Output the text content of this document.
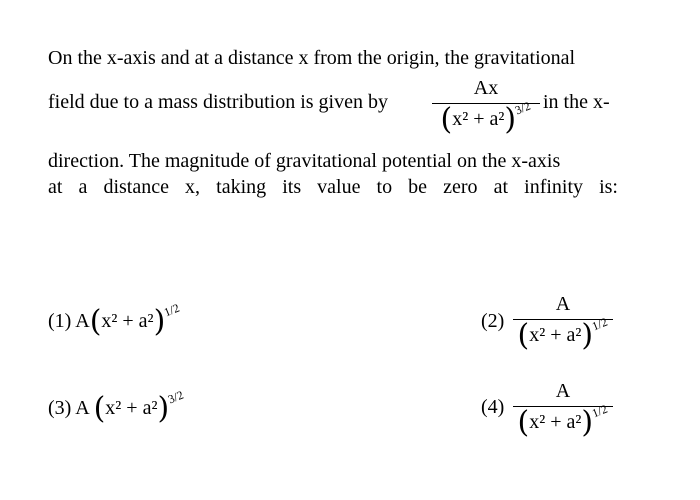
On the x-axis and at a distance x from the origin, the gravitational
field due to a mass distribution is given by	in the x-
Ax
(x² + a²)3/2
direction. The magnitude of gravitational potential on the x-axis
at a distance x, taking its value to be zero at infinity is:
(1) A(x² + a²)1/2	(2)
A
(x² + a²)1/2
(3) A (x² + a²)3/2	(4)
A
(x² + a²)1/2
